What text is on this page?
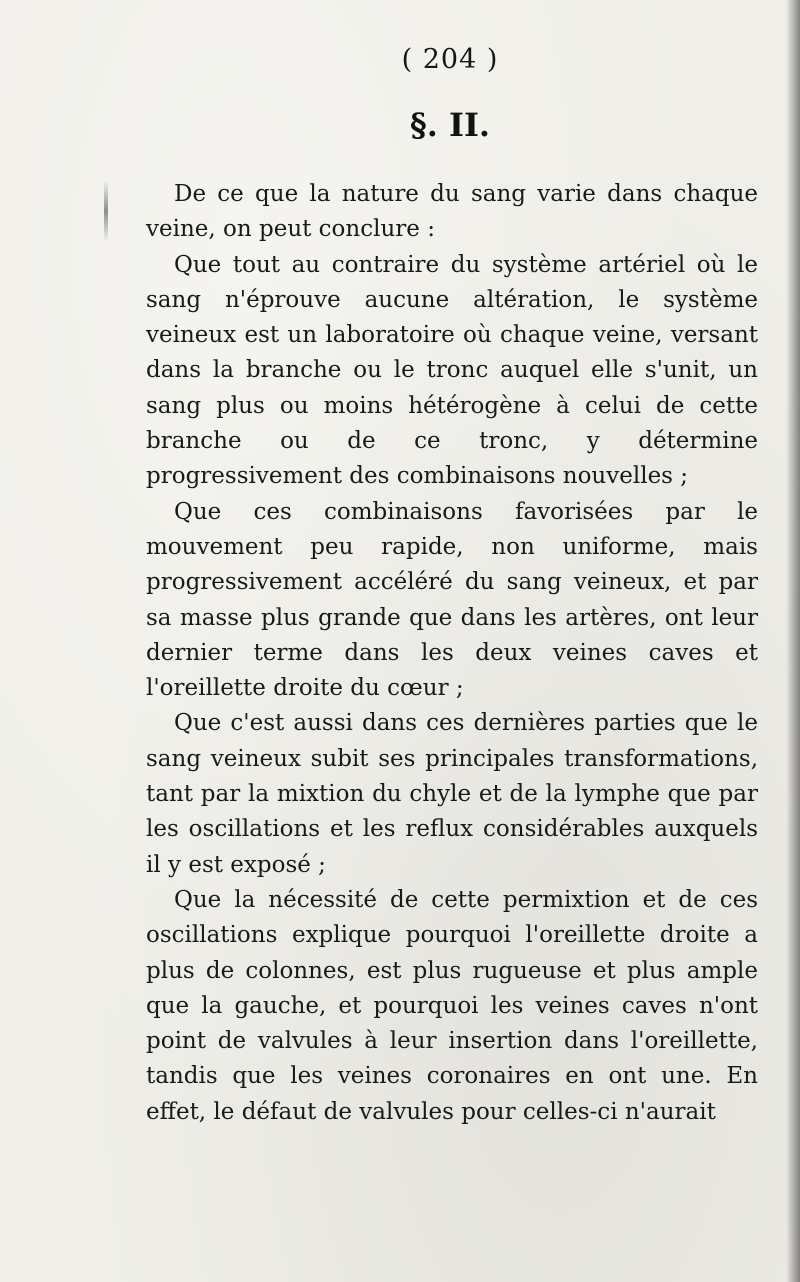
( 204 )
§. II.

De ce que la nature du sang varie dans chaque veine, on peut conclure :

Que tout au contraire du système artériel où le sang n'éprouve aucune altération, le système veineux est un laboratoire où chaque veine, versant dans la branche ou le tronc auquel elle s'unit, un sang plus ou moins hétérogène à celui de cette branche ou de ce tronc, y détermine progressivement des combinaisons nouvelles ;

Que ces combinaisons favorisées par le mouvement peu rapide, non uniforme, mais progressivement accéléré du sang veineux, et par sa masse plus grande que dans les artères, ont leur dernier terme dans les deux veines caves et l'oreillette droite du cœur ;

Que c'est aussi dans ces dernières parties que le sang veineux subit ses principales transformations, tant par la mixtion du chyle et de la lymphe que par les oscillations et les reflux considérables auxquels il y est exposé ;

Que la nécessité de cette permixtion et de ces oscillations explique pourquoi l'oreillette droite a plus de colonnes, est plus rugueuse et plus ample que la gauche, et pourquoi les veines caves n'ont point de valvules à leur insertion dans l'oreillette, tandis que les veines coronaires en ont une. En effet, le défaut de valvules pour celles-ci n'aurait
